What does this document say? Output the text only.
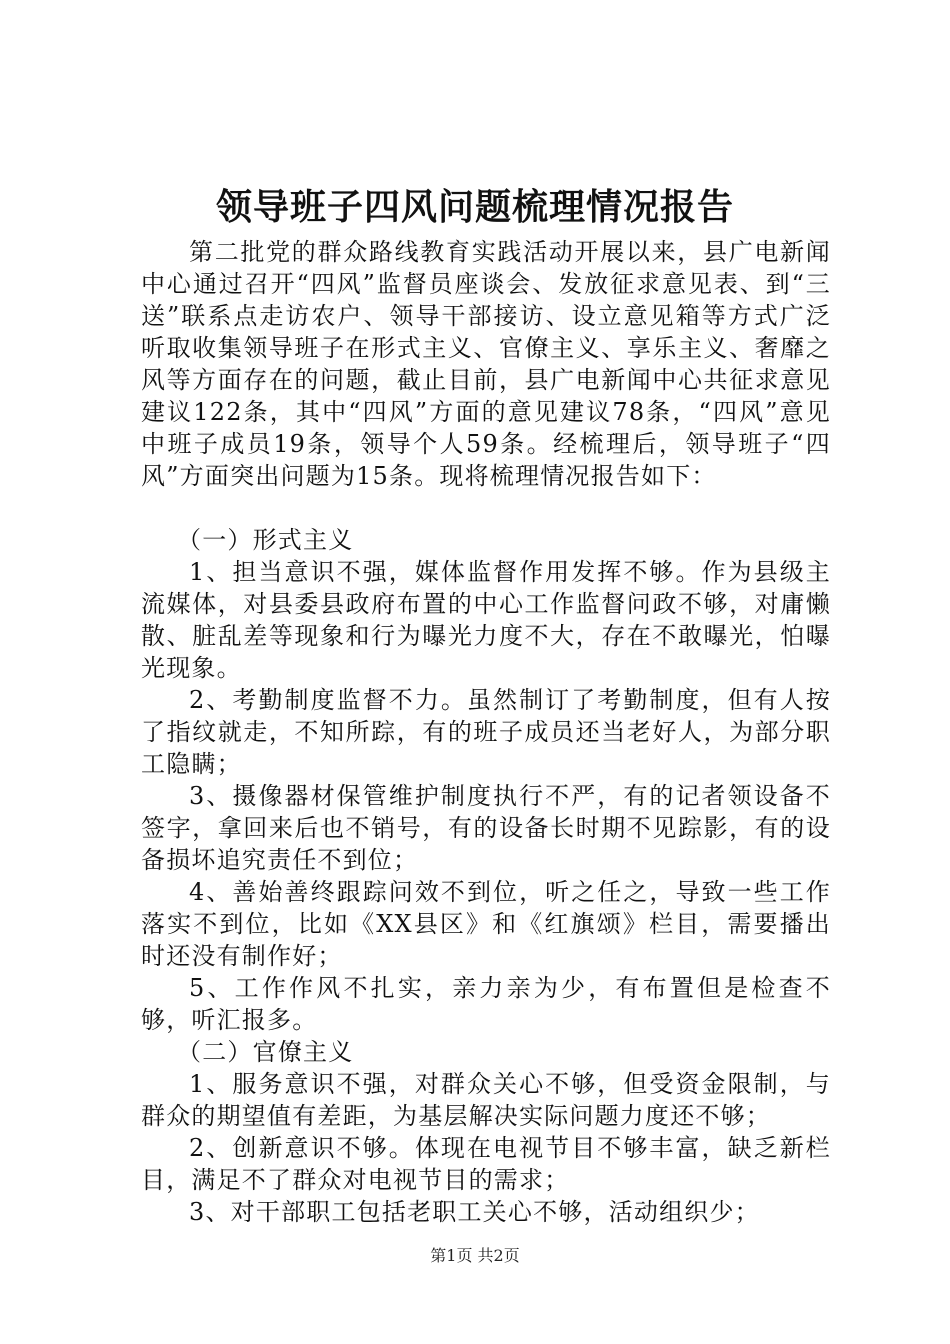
领导班子四风问题梳理情况报告

第二批党的群众路线教育实践活动开展以来，县广电新闻中心通过召开“四风”监督员座谈会、发放征求意见表、到“三送”联系点走访农户、领导干部接访、设立意见箱等方式广泛听取收集领导班子在形式主义、官僚主义、享乐主义、奢靡之风等方面存在的问题，截止目前，县广电新闻中心共征求意见建议122条，其中“四风”方面的意见建议78条，“四风”意见中班子成员19条，领导个人59条。经梳理后，领导班子“四风”方面突出问题为15条。现将梳理情况报告如下：

（一）形式主义

1、担当意识不强，媒体监督作用发挥不够。作为县级主流媒体，对县委县政府布置的中心工作监督问政不够，对庸懒散、脏乱差等现象和行为曝光力度不大，存在不敢曝光，怕曝光现象。

2、考勤制度监督不力。虽然制订了考勤制度，但有人按了指纹就走，不知所踪，有的班子成员还当老好人，为部分职工隐瞒；

3、摄像器材保管维护制度执行不严，有的记者领设备不签字，拿回来后也不销号，有的设备长时期不见踪影，有的设备损坏追究责任不到位；

4、善始善终跟踪问效不到位，听之任之，导致一些工作落实不到位，比如《XX县区》和《红旗颂》栏目，需要播出时还没有制作好；

5、工作作风不扎实，亲力亲为少，有布置但是检查不够，听汇报多。

（二）官僚主义

1、服务意识不强，对群众关心不够，但受资金限制，与群众的期望值有差距，为基层解决实际问题力度还不够；

2、创新意识不够。体现在电视节目不够丰富，缺乏新栏目，满足不了群众对电视节目的需求；

3、对干部职工包括老职工关心不够，活动组织少；

第1页 共2页
